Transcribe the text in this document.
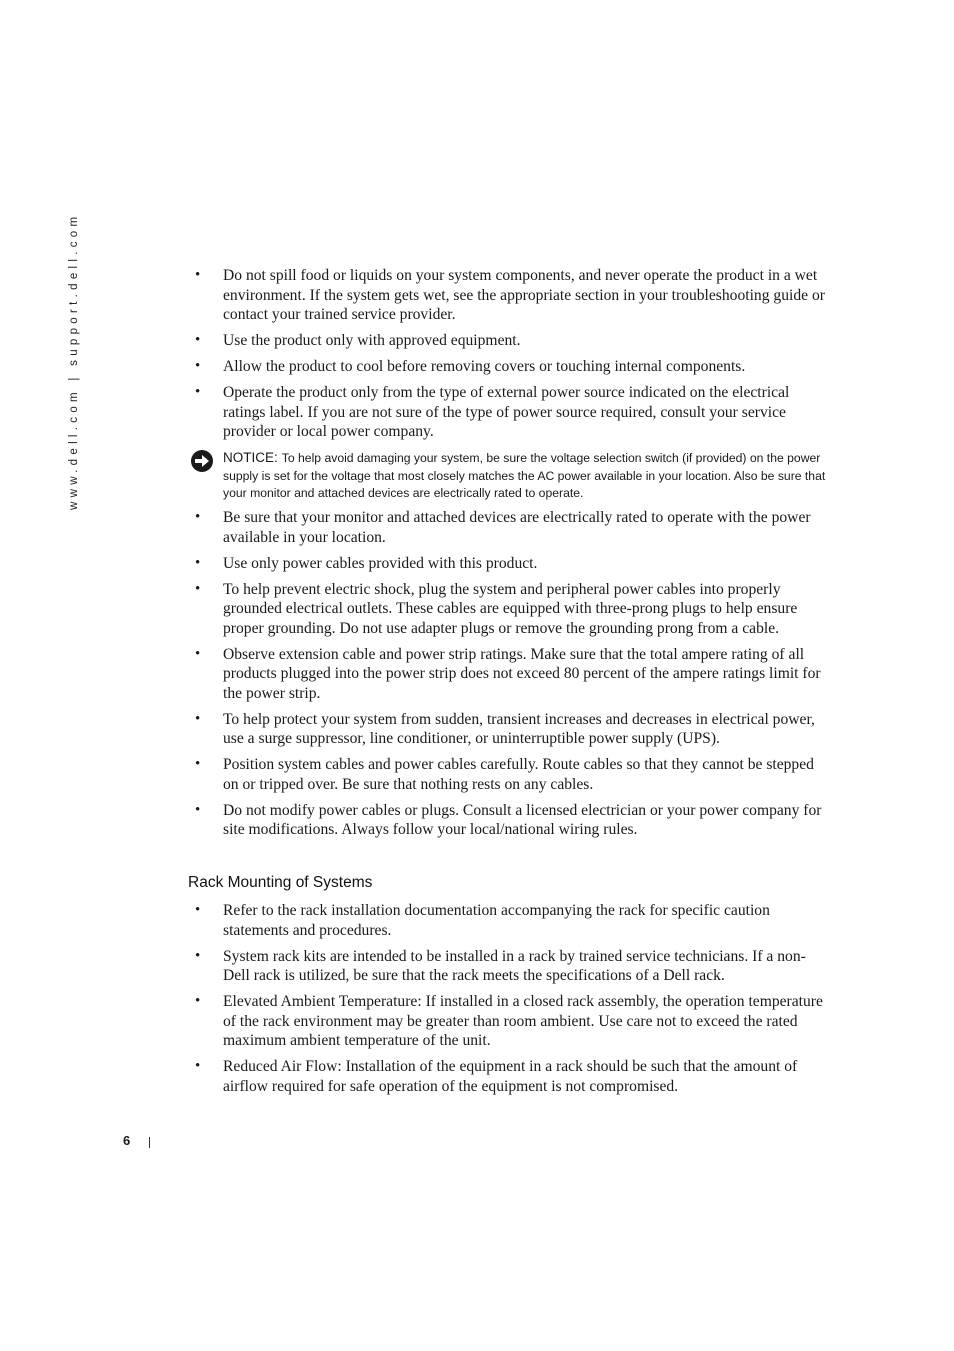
www.dell.com | support.dell.com	• Do not spill food or liquids on your system components, and never operate the product in a wet environment. If the system gets wet, see the appropriate section in your troubleshooting guide or contact your trained service provider.
• Use the product only with approved equipment.
• Allow the product to cool before removing covers or touching internal components.
• Operate the product only from the type of external power source indicated on the electrical ratings label. If you are not sure of the type of power source required, consult your service provider or local power company.
NOTICE: To help avoid damaging your system, be sure the voltage selection switch (if provided) on the power supply is set for the voltage that most closely matches the AC power available in your location. Also be sure that your monitor and attached devices are electrically rated to operate.
• Be sure that your monitor and attached devices are electrically rated to operate with the power available in your location.
• Use only power cables provided with this product.
• To help prevent electric shock, plug the system and peripheral power cables into properly grounded electrical outlets. These cables are equipped with three-prong plugs to help ensure proper grounding. Do not use adapter plugs or remove the grounding prong from a cable.
• Observe extension cable and power strip ratings. Make sure that the total ampere rating of all products plugged into the power strip does not exceed 80 percent of the ampere ratings limit for the power strip.
• To help protect your system from sudden, transient increases and decreases in electrical power, use a surge suppressor, line conditioner, or uninterruptible power supply (UPS).
• Position system cables and power cables carefully. Route cables so that they cannot be stepped on or tripped over. Be sure that nothing rests on any cables.
• Do not modify power cables or plugs. Consult a licensed electrician or your power company for site modifications. Always follow your local/national wiring rules.
Rack Mounting of Systems
• Refer to the rack installation documentation accompanying the rack for specific caution statements and procedures.
• System rack kits are intended to be installed in a rack by trained service technicians. If a non-Dell rack is utilized, be sure that the rack meets the specifications of a Dell rack.
• Elevated Ambient Temperature: If installed in a closed rack assembly, the operation temperature of the rack environment may be greater than room ambient. Use care not to exceed the rated maximum ambient temperature of the unit.
• Reduced Air Flow: Installation of the equipment in a rack should be such that the amount of airflow required for safe operation of the equipment is not compromised.
6
